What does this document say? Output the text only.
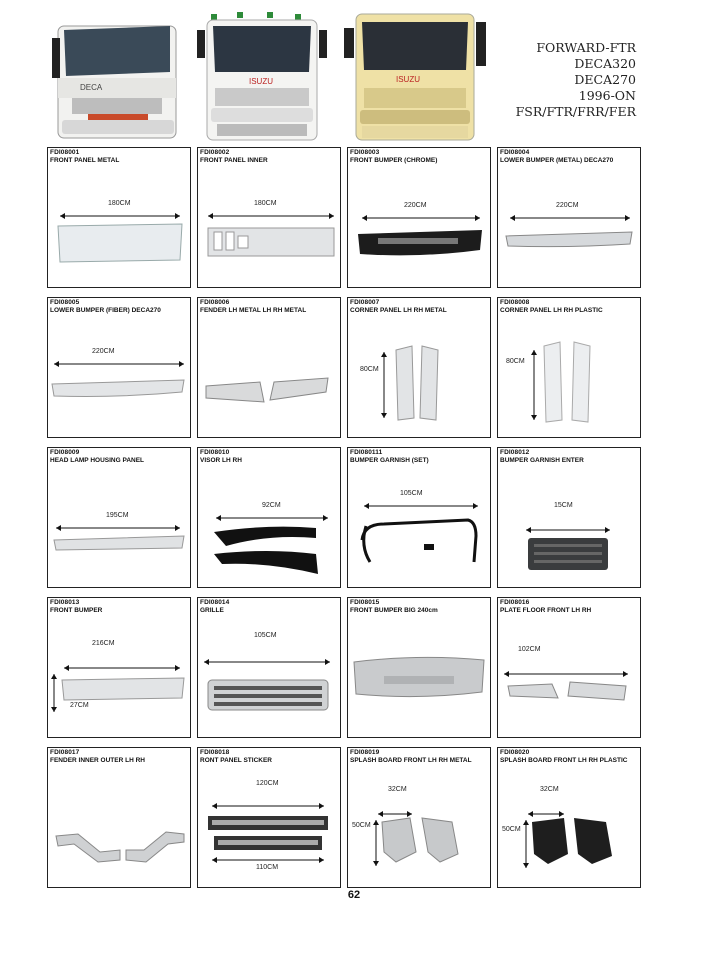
DECA
ISUZU	ISUZU
FORWARD-FTR
DECA320
DECA270
1996-ON
FSR/FTR/FRR/FER
FDI08001
FRONT PANEL METAL
180CM
FDI08002
FRONT PANEL INNER
180CM
FDI08003
FRONT BUMPER (CHROME)
220CM
FDI08004
LOWER BUMPER (METAL) DECA270
220CM
FDI08005
LOWER BUMPER (FIBER) DECA270
220CM
FDI08006
FENDER LH METAL LH RH METAL
FDI08007
CORNER PANEL LH RH METAL
80CM
FDI08008
CORNER PANEL LH RH PLASTIC
80CM
FDI08009
HEAD LAMP HOUSING PANEL
195CM
FDI08010
VISOR LH RH
92CM
FDI080111
BUMPER GARNISH (SET)
105CM
FDI08012
BUMPER GARNISH ENTER
15CM
FDI08013
FRONT BUMPER
216CM
27CM
FDI08014
GRILLE
105CM
FDI08015
FRONT BUMPER BIG 240cm
FDI08016
PLATE FLOOR FRONT LH RH
102CM
FDI08017
FENDER INNER OUTER LH RH
FDI08018
RONT PANEL STICKER
120CM
110CM
FDI08019
SPLASH BOARD FRONT LH RH METAL
32CM
50CM
FDI08020
SPLASH BOARD FRONT LH RH PLASTIC
32CM
50CM
62
